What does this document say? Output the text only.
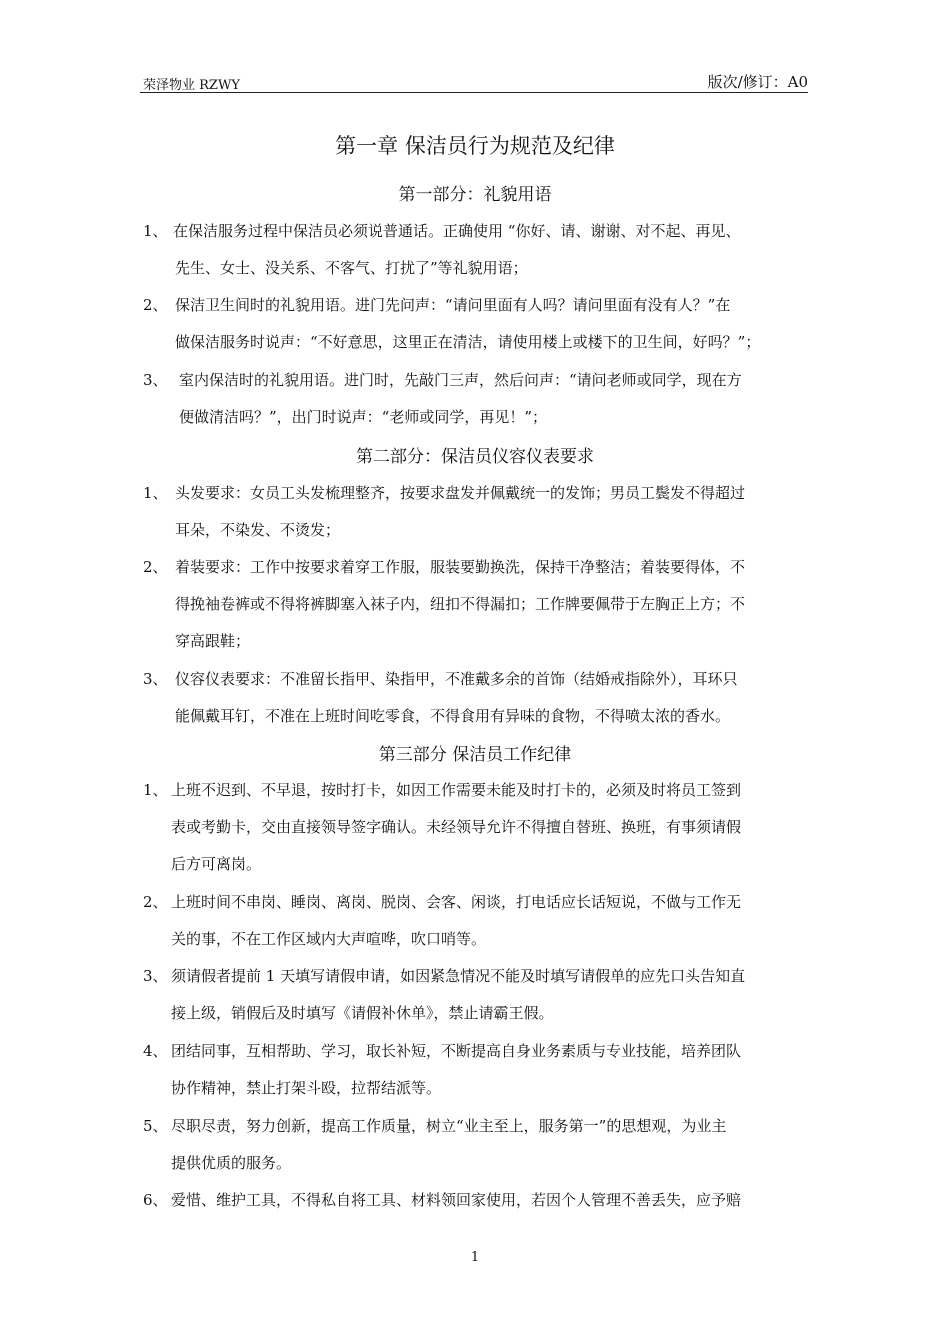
荣泽物业 RZWY	版次/修订：A0
第一章 保洁员行为规范及纪律
第一部分：礼貌用语
1、 在保洁服务过程中保洁员必须说普通话。正确使用 “你好、请、谢谢、对不起、再见、
先生、女士、没关系、不客气、打扰了”等礼貌用语；
2、 保洁卫生间时的礼貌用语。进门先问声：“请问里面有人吗？请问里面有没有人？”在
做保洁服务时说声：“不好意思，这里正在清洁，请使用楼上或楼下的卫生间，好吗？”；
3、 室内保洁时的礼貌用语。进门时，先敲门三声，然后问声：“请问老师或同学，现在方
便做清洁吗？”，出门时说声：“老师或同学，再见！”；
第二部分：保洁员仪容仪表要求
1、 头发要求：女员工头发梳理整齐，按要求盘发并佩戴统一的发饰；男员工鬓发不得超过
耳朵，不染发、不烫发；
2、 着装要求：工作中按要求着穿工作服，服装要勤换洗，保持干净整洁；着装要得体，不
得挽袖卷裤或不得将裤脚塞入袜子内，纽扣不得漏扣；工作牌要佩带于左胸正上方；不
穿高跟鞋；
3、 仪容仪表要求：不准留长指甲、染指甲，不准戴多余的首饰（结婚戒指除外），耳环只
能佩戴耳钉，不准在上班时间吃零食，不得食用有异味的食物，不得喷太浓的香水。
第三部分 保洁员工作纪律
1、 上班不迟到、不早退，按时打卡，如因工作需要未能及时打卡的，必须及时将员工签到
表或考勤卡，交由直接领导签字确认。未经领导允许不得擅自替班、换班，有事须请假
后方可离岗。
2、 上班时间不串岗、睡岗、离岗、脱岗、会客、闲谈，打电话应长话短说，不做与工作无
关的事，不在工作区域内大声喧哗，吹口哨等。
3、 须请假者提前 1 天填写请假申请，如因紧急情况不能及时填写请假单的应先口头告知直
接上级，销假后及时填写《请假补休单》，禁止请霸王假。
4、 团结同事，互相帮助、学习，取长补短，不断提高自身业务素质与专业技能，培养团队
协作精神，禁止打架斗殴，拉帮结派等。
5、 尽职尽责，努力创新，提高工作质量，树立“业主至上，服务第一”的思想观，为业主
提供优质的服务。
6、 爱惜、维护工具，不得私自将工具、材料领回家使用，若因个人管理不善丢失，应予赔
1
